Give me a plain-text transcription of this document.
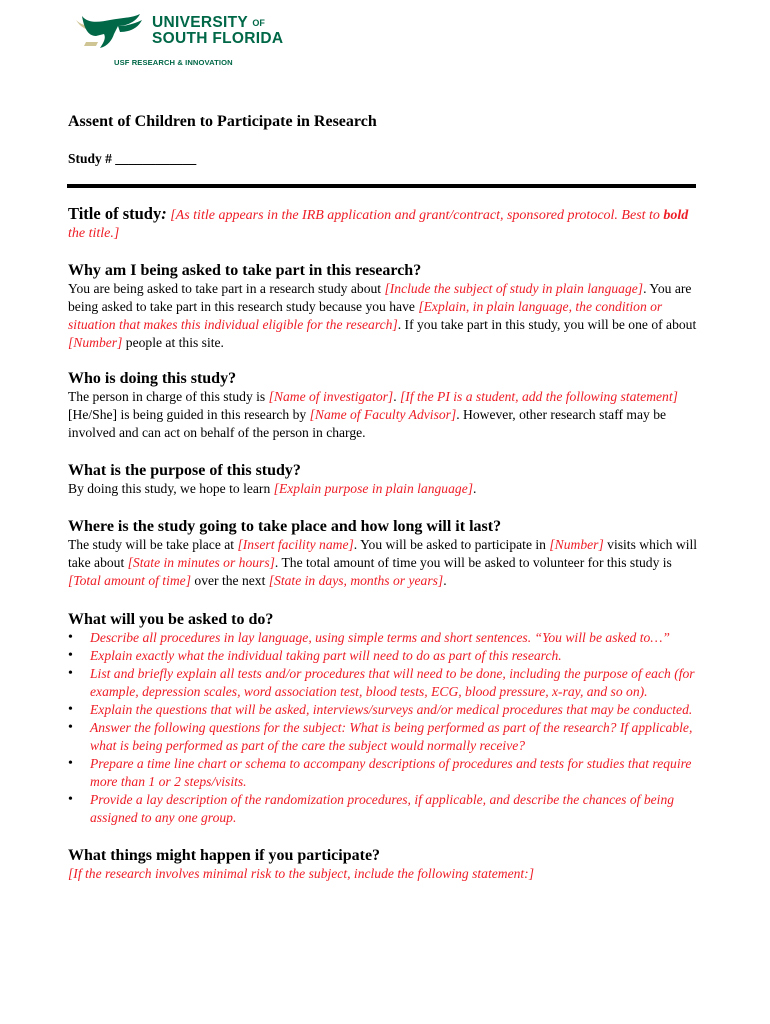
UNIVERSITY $^{OF}$
SOUTH FLORIDA
USF RESEARCH & INNOVATION
Assent of Children to Participate in Research
Study # ____________
Title of study: [As title appears in the IRB application and grant/contract, sponsored protocol. Best to bold the title.]
Why am I being asked to take part in this research?

You are being asked to take part in a research study about [Include the subject of study in plain language]. You are being asked to take part in this research study because you have [Explain, in plain language, the condition or situation that makes this individual eligible for the research]. If you take part in this study, you will be one of about [Number] people at this site.

Who is doing this study?

The person in charge of this study is [Name of investigator]. [If the PI is a student, add the following statement] [He/She] is being guided in this research by [Name of Faculty Advisor]. However, other research staff may be involved and can act on behalf of the person in charge.

What is the purpose of this study?

By doing this study, we hope to learn [Explain purpose in plain language].

Where is the study going to take place and how long will it last?

The study will be take place at [Insert facility name]. You will be asked to participate in [Number] visits which will take about [State in minutes or hours]. The total amount of time you will be asked to volunteer for this study is [Total amount of time] over the next [State in days, months or years].

What will you be asked to do?
• Describe all procedures in lay language, using simple terms and short sentences. “You will be asked to…”
• Explain exactly what the individual taking part will need to do as part of this research.
• List and briefly explain all tests and/or procedures that will need to be done, including the purpose of each (for example, depression scales, word association test, blood tests, ECG, blood pressure, x-ray, and so on).
• Explain the questions that will be asked, interviews/surveys and/or medical procedures that may be conducted.
• Answer the following questions for the subject: What is being performed as part of the research? If applicable, what is being performed as part of the care the subject would normally receive?
• Prepare a time line chart or schema to accompany descriptions of procedures and tests for studies that require more than 1 or 2 steps/visits.
• Provide a lay description of the randomization procedures, if applicable, and describe the chances of being assigned to any one group.
What things might happen if you participate?

[If the research involves minimal risk to the subject, include the following statement:]
